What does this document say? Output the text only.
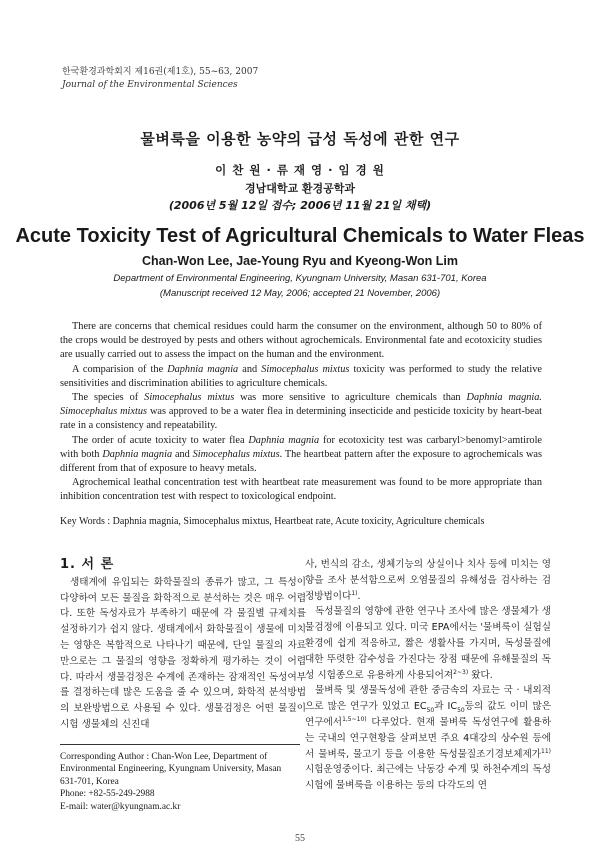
한국환경과학회지 제16권(제1호), 55~63, 2007
Journal of the Environmental Sciences
물벼룩을 이용한 농약의 급성 독성에 관한 연구
이 찬 원 · 류 재 영 · 임 경 원
경남대학교 환경공학과
(2006년 5월 12일 접수; 2006년 11월 21일 채택)
Acute Toxicity Test of Agricultural Chemicals to Water Fleas
Chan-Won Lee, Jae-Young Ryu and Kyeong-Won Lim
Department of Environmental Engineering, Kyungnam University, Masan 631-701, Korea
(Manuscript received 12 May, 2006; accepted 21 November, 2006)

There are concerns that chemical residues could harm the consumer on the environment, although 50 to 80% of the crops would be destroyed by pests and others without agrochemicals. Environmental fate and ecotoxicity studies are usually carried out to assess the impact on the human and the environment.

A comparision of the Daphnia magnia and Simocephalus mixtus toxicity was performed to study the relative sensitivities and discrimination abilities to agriculture chemicals.

The species of Simocephalus mixtus was more sensitive to agriculture chemicals than Daphnia magnia. Simocephalus mixtus was approved to be a water flea in determining insecticide and pesticide toxicity by heart-beat rate in a consistency and repeatability.

The order of acute toxicity to water flea Daphnia magnia for ecotoxicity test was carbaryl>benomyl>amtirole with both Daphnia magnia and Simocephalus mixtus. The heartbeat pattern after the exposure to agrochemicals was different from that of exposure to heavy metals.

Agrochemical leathal concentration test with heartbeat rate measurement was found to be more appropriate than inhibition concentration test with respect to toxicological endpoint.

Key Words : Daphnia magnia, Simocephalus mixtus, Heartbeat rate, Acute toxicity, Agriculture chemicals
1. 서 론

생태계에 유입되는 화학물질의 종류가 많고, 그 특성이 다양하여 모든 물질을 화학적으로 분석하는 것은 매우 어렵다. 또한 독성자료가 부족하기 때문에 각 물질별 규제치를 설정하기가 쉽지 않다. 생태계에서 화학물질이 생물에 미치는 영향은 복합적으로 나타나기 때문에, 단일 물질의 자료만으로는 그 물질의 영향을 정확하게 평가하는 것이 어렵다. 따라서 생물검정은 수계에 존재하는 잠재적인 독성여부를 결정하는데 많은 도움을 줄 수 있으며, 화학적 분석방법의 보완방법으로 사용될 수 있다. 생물검정은 어떤 물질이 시험 생물체의 신진대

사, 번식의 감소, 생체기능의 상실이나 치사 등에 미치는 영향을 조사 분석함으로써 오염물질의 유해성을 검사하는 검정방법이다$^{1)}$.

독성물질의 영향에 관한 연구나 조사에 많은 생물체가 생물검정에 이용되고 있다. 미국 EPA에서는 '물벼룩이 실험실 환경에 쉽게 적응하고, 짧은 생활사를 가지며, 독성물질에 대한 뚜렷한 감수성을 가진다는 장점 때문에 유해물질의 독성 시험종으로 유용하게 사용되어져$^{2\sim 3)}$ 왔다.

물벼룩 및 생물독성에 관한 중금속의 자료는 국 · 내외적으로 많은 연구가 있었고 $EC_{50}$과 $IC_{50}$등의 값도 이미 많은 연구에서$^{1,5\sim 10)}$ 다루었다. 현재 물벼룩 독성연구에 활용하는 국내의 연구현황을 살펴보면 주요 4대강의 상수원 등에서 물벼룩, 물고기 등을 이용한 독성물질조기경보체제가$^{11)}$ 시험운영중이다. 최근에는 낙동강 수계 및 하천수계의 독성시험에 물벼룩을 이용하는 등의 다각도의 연

Corresponding Author : Chan-Won Lee, Department of Environmental Engineering, Kyungnam University, Masan 631-701, Korea
Phone: +82-55-249-2988
E-mail: water@kyungnam.ac.kr
55
